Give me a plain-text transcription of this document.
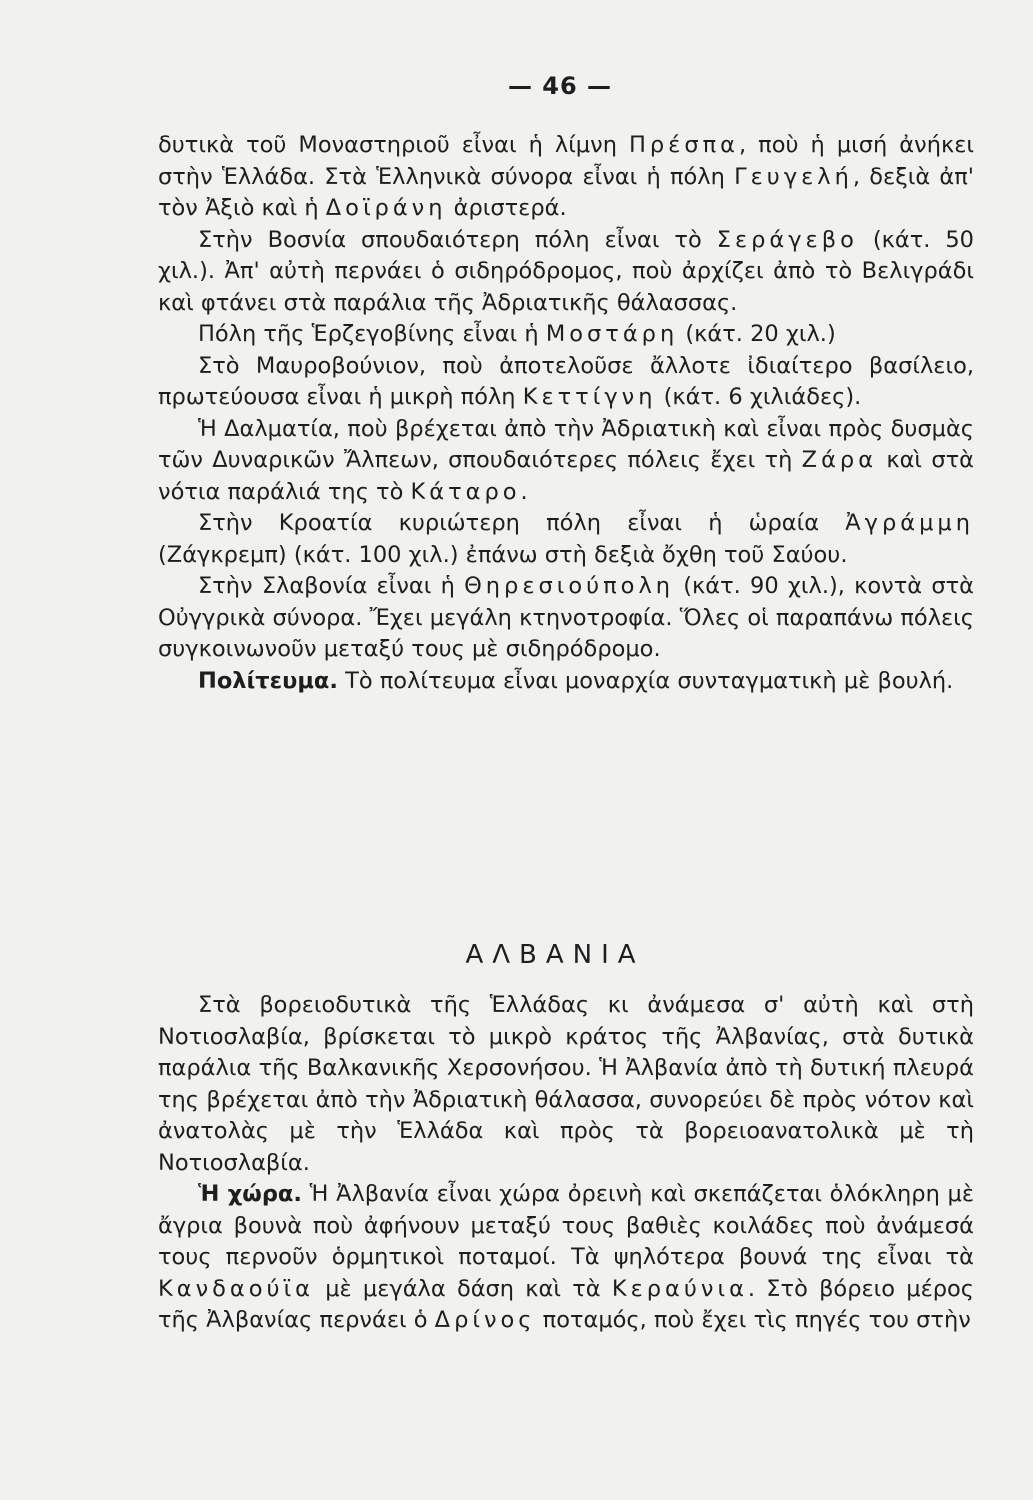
— 46 —

δυτικὰ τοῦ Μοναστηριοῦ εἶναι ἡ λίμνη Πρέσπα, ποὺ ἡ μισή ἀνήκει στὴν Ἑλλάδα. Στὰ Ἑλληνικὰ σύνορα εἶναι ἡ πόλη Γευγελή, δεξιὰ ἀπ' τὸν Ἀξιὸ καὶ ἡ Δοϊράνη ἀριστερά.

Στὴν Βοσνία σπουδαιότερη πόλη εἶναι τὸ Σεράγεβο (κάτ. 50 χιλ.). Ἀπ' αὐτὴ περνάει ὁ σιδηρόδρομος, ποὺ ἀρχίζει ἀπὸ τὸ Βελιγράδι καὶ φτάνει στὰ παράλια τῆς Ἀδριατικῆς θάλασσας.

Πόλη τῆς Ἑρζεγοβίνης εἶναι ἡ Μοστάρη (κάτ. 20 χιλ.)

Στὸ Μαυροβούνιον, ποὺ ἀποτελοῦσε ἄλλοτε ἰδιαίτερο βασίλειο, πρωτεύουσα εἶναι ἡ μικρὴ πόλη Κεττίγνη (κάτ. 6 χιλιάδες).

Ἡ Δαλματία, ποὺ βρέχεται ἀπὸ τὴν Ἀδριατικὴ καὶ εἶναι πρὸς δυσμὰς τῶν Δυναρικῶν Ἄλπεων, σπουδαιότερες πόλεις ἔχει τὴ Ζάρα καὶ στὰ νότια παράλιά της τὸ Κάταρο.

Στὴν Κροατία κυριώτερη πόλη εἶναι ἡ ὡραία Ἀγράμμη (Ζάγκρεμπ) (κάτ. 100 χιλ.) ἐπάνω στὴ δεξιὰ ὄχθη τοῦ Σαύου.

Στὴν Σλαβονία εἶναι ἡ Θηρεσιούπολη (κάτ. 90 χιλ.), κοντὰ στὰ Οὐγγρικὰ σύνορα. Ἔχει μεγάλη κτηνοτροφία. Ὅλες οἱ παραπάνω πόλεις συγκοινωνοῦν μεταξύ τους μὲ σιδηρόδρομο.

Πολίτευμα. Τὸ πολίτευμα εἶναι μοναρχία συνταγματικὴ μὲ βουλή.

ΑΛΒΑΝΙΑ

Στὰ βορειοδυτικὰ τῆς Ἑλλάδας κι ἀνάμεσα σ' αὐτὴ καὶ στὴ Νοτιοσλαβία, βρίσκεται τὸ μικρὸ κράτος τῆς Ἀλβανίας, στὰ δυτικὰ παράλια τῆς Βαλκανικῆς Χερσονήσου. Ἡ Ἀλβανία ἀπὸ τὴ δυτική πλευρά της βρέχεται ἀπὸ τὴν Ἀδριατικὴ θάλασσα, συνορεύει δὲ πρὸς νότον καὶ ἀνατολὰς μὲ τὴν Ἑλλάδα καὶ πρὸς τὰ βορειοανατολικὰ μὲ τὴ Νοτιοσλαβία.

Ἡ χώρα. Ἡ Ἀλβανία εἶναι χώρα ὀρεινὴ καὶ σκεπάζεται ὁλόκληρη μὲ ἄγρια βουνὰ ποὺ ἀφήνουν μεταξύ τους βαθιὲς κοιλάδες ποὺ ἀνάμεσά τους περνοῦν ὁρμητικοὶ ποταμοί. Τὰ ψηλότερα βουνά της εἶναι τὰ Κανδαούϊα μὲ μεγάλα δάση καὶ τὰ Κεραύνια. Στὸ βόρειο μέρος τῆς Ἀλβανίας περνάει ὁ Δρίνος ποταμός, ποὺ ἔχει τὶς πηγές του στὴν
